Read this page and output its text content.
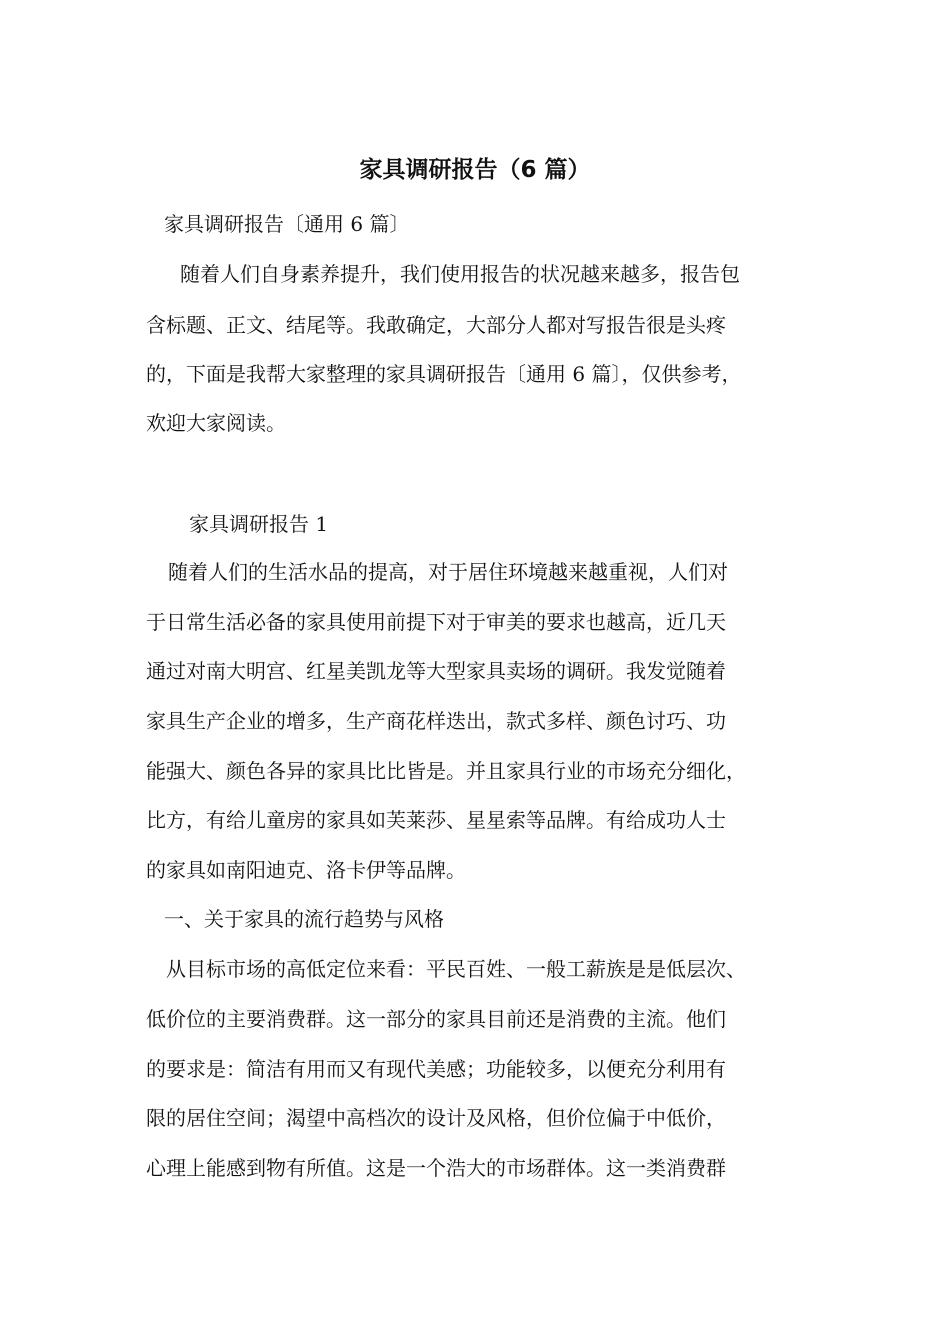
家具调研报告（6 篇）
家具调研报告〔通用 6 篇〕
随着人们自身素养提升，我们使用报告的状况越来越多，报告包
含标题、正文、结尾等。我敢确定，大部分人都对写报告很是头疼
的，下面是我帮大家整理的家具调研报告〔通用 6 篇〕，仅供参考，
欢迎大家阅读。
家具调研报告 1
随着人们的生活水品的提高，对于居住环境越来越重视，人们对
于日常生活必备的家具使用前提下对于审美的要求也越高，近几天
通过对南大明宫、红星美凯龙等大型家具卖场的调研。我发觉随着
家具生产企业的增多，生产商花样迭出，款式多样、颜色讨巧、功
能强大、颜色各异的家具比比皆是。并且家具行业的市场充分细化，
比方，有给儿童房的家具如芙莱莎、星星索等品牌。有给成功人士
的家具如南阳迪克、洛卡伊等品牌。
一、关于家具的流行趋势与风格
从目标市场的高低定位来看：平民百姓、一般工薪族是是低层次、
低价位的主要消费群。这一部分的家具目前还是消费的主流。他们
的要求是：简洁有用而又有现代美感；功能较多，以便充分利用有
限的居住空间；渴望中高档次的设计及风格，但价位偏于中低价，
心理上能感到物有所值。这是一个浩大的市场群体。这一类消费群
